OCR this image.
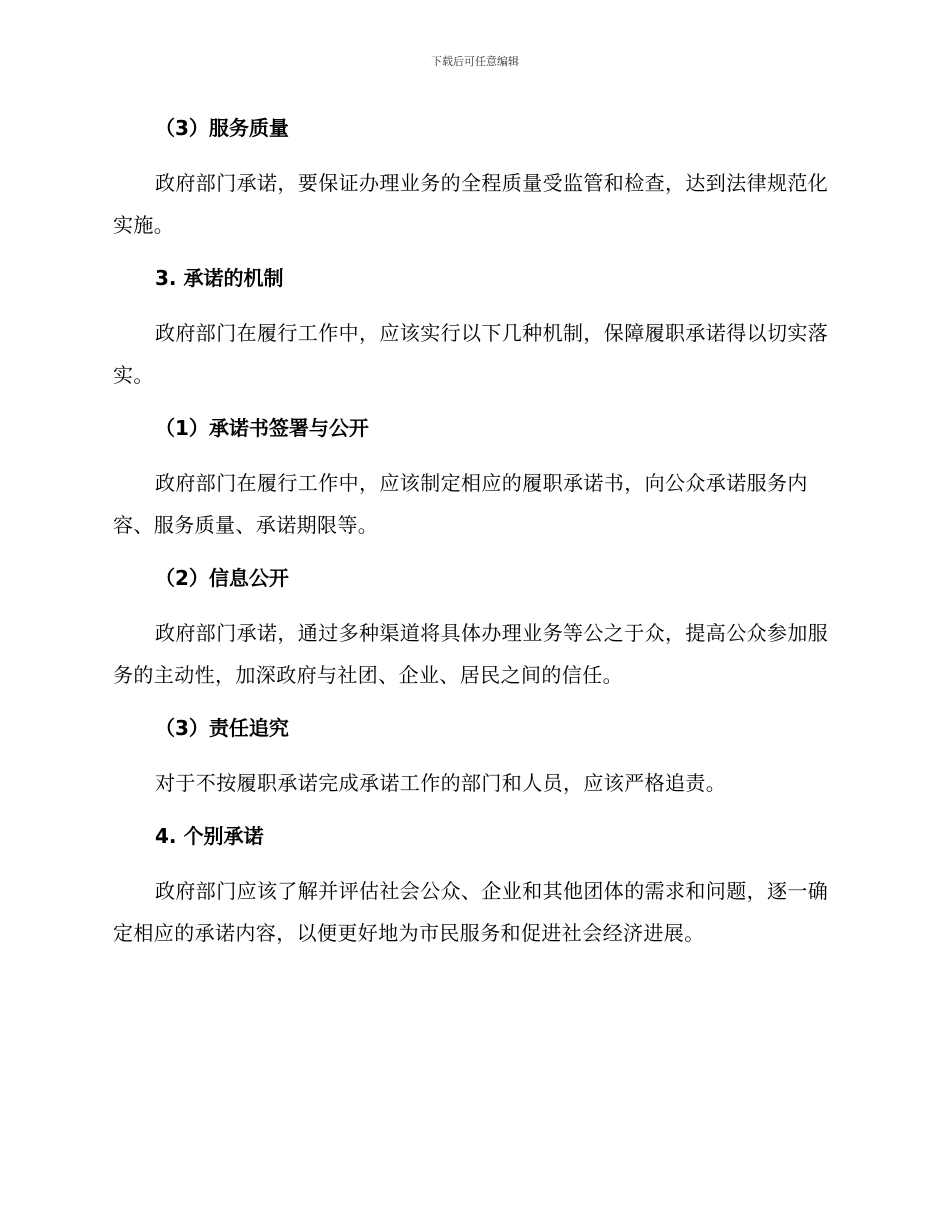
下载后可任意编辑
（3）服务质量
政府部门承诺，要保证办理业务的全程质量受监管和检查，达到法律规范化实施。
3. 承诺的机制
政府部门在履行工作中，应该实行以下几种机制，保障履职承诺得以切实落实。
（1）承诺书签署与公开
政府部门在履行工作中，应该制定相应的履职承诺书，向公众承诺服务内容、服务质量、承诺期限等。
（2）信息公开
政府部门承诺，通过多种渠道将具体办理业务等公之于众，提高公众参加服务的主动性，加深政府与社团、企业、居民之间的信任。
（3）责任追究
对于不按履职承诺完成承诺工作的部门和人员，应该严格追责。
4. 个别承诺
政府部门应该了解并评估社会公众、企业和其他团体的需求和问题，逐一确定相应的承诺内容，以便更好地为市民服务和促进社会经济进展。
